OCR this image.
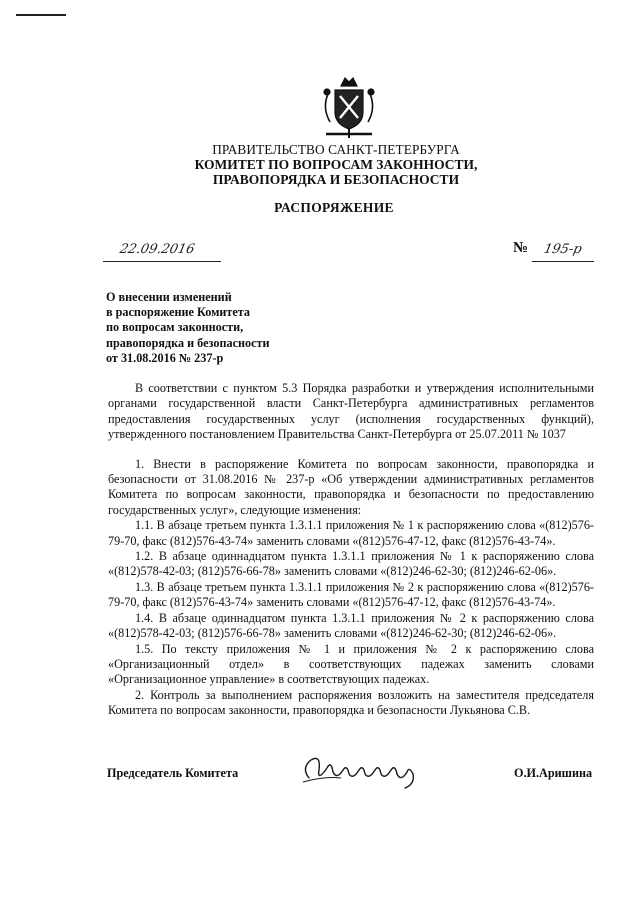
ПРАВИТЕЛЬСТВО САНКТ-ПЕТЕРБУРГА
КОМИТЕТ ПО ВОПРОСАМ ЗАКОННОСТИ,
ПРАВОПОРЯДКА И БЕЗОПАСНОСТИ
РАСПОРЯЖЕНИЕ
22.09.2016	№ 195-р
О внесении изменений
в распоряжение Комитета
по вопросам законности,
правопорядка и безопасности
от 31.08.2016 № 237-р

В соответствии с пунктом 5.3 Порядка разработки и утверждения исполнительными органами государственной власти Санкт-Петербурга административных регламентов предоставления государственных услуг (исполнения государственных функций), утвержденного постановлением Правительства Санкт-Петербурга от 25.07.2011 № 1037

1. Внести в распоряжение Комитета по вопросам законности, правопорядка и безопасности от 31.08.2016 № 237-р «Об утверждении административных регламентов Комитета по вопросам законности, правопорядка и безопасности по предоставлению государственных услуг», следующие изменения:

1.1. В абзаце третьем пункта 1.3.1.1 приложения № 1 к распоряжению слова «(812)576-79-70, факс (812)576-43-74» заменить словами «(812)576-47-12, факс (812)576-43-74».

1.2. В абзаце одиннадцатом пункта 1.3.1.1 приложения № 1 к распоряжению слова «(812)578-42-03; (812)576-66-78» заменить словами «(812)246-62-30; (812)246-62-06».

1.3. В абзаце третьем пункта 1.3.1.1 приложения № 2 к распоряжению слова «(812)576-79-70, факс (812)576-43-74» заменить словами «(812)576-47-12, факс (812)576-43-74».

1.4. В абзаце одиннадцатом пункта 1.3.1.1 приложения № 2 к распоряжению слова «(812)578-42-03; (812)576-66-78» заменить словами «(812)246-62-30; (812)246-62-06».

1.5. По тексту приложения № 1 и приложения № 2 к распоряжению слова «Организационный отдел» в соответствующих падежах заменить словами «Организационное управление» в соответствующих падежах.

2. Контроль за выполнением распоряжения возложить на заместителя председателя Комитета по вопросам законности, правопорядка и безопасности Лукьянова С.В.

Председатель Комитета	О.И.Аришина
